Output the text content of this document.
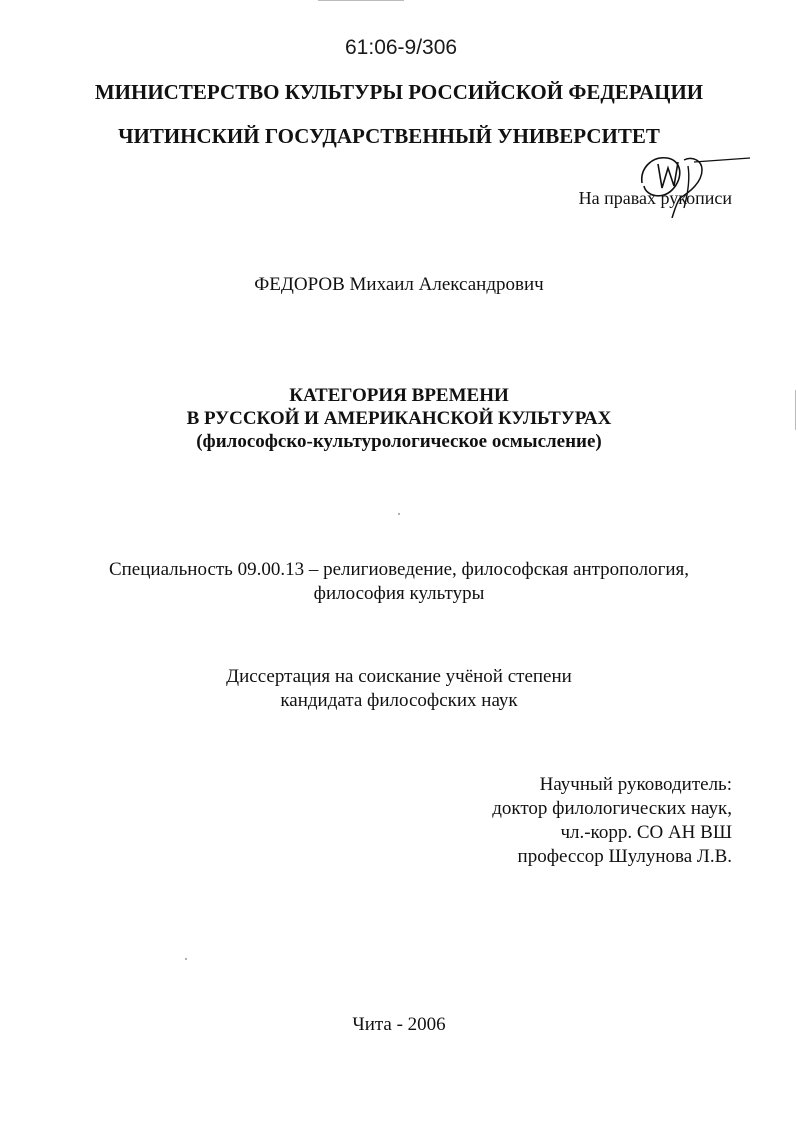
61:06-9/306
МИНИСТЕРСТВО КУЛЬТУРЫ РОССИЙСКОЙ ФЕДЕРАЦИИ
ЧИТИНСКИЙ ГОСУДАРСТВЕННЫЙ УНИВЕРСИТЕТ
На правах рукописи
ФЕДОРОВ Михаил Александрович
КАТЕГОРИЯ ВРЕМЕНИ
В РУССКОЙ И АМЕРИКАНСКОЙ КУЛЬТУРАХ
(философско-культурологическое осмысление)
Специальность 09.00.13 – религиоведение, философская антропология,
философия культуры
Диссертация на соискание учёной степени
кандидата философских наук
Научный руководитель:
доктор филологических наук,
чл.-корр. СО АН ВШ
профессор Шулунова Л.В.
Чита - 2006
